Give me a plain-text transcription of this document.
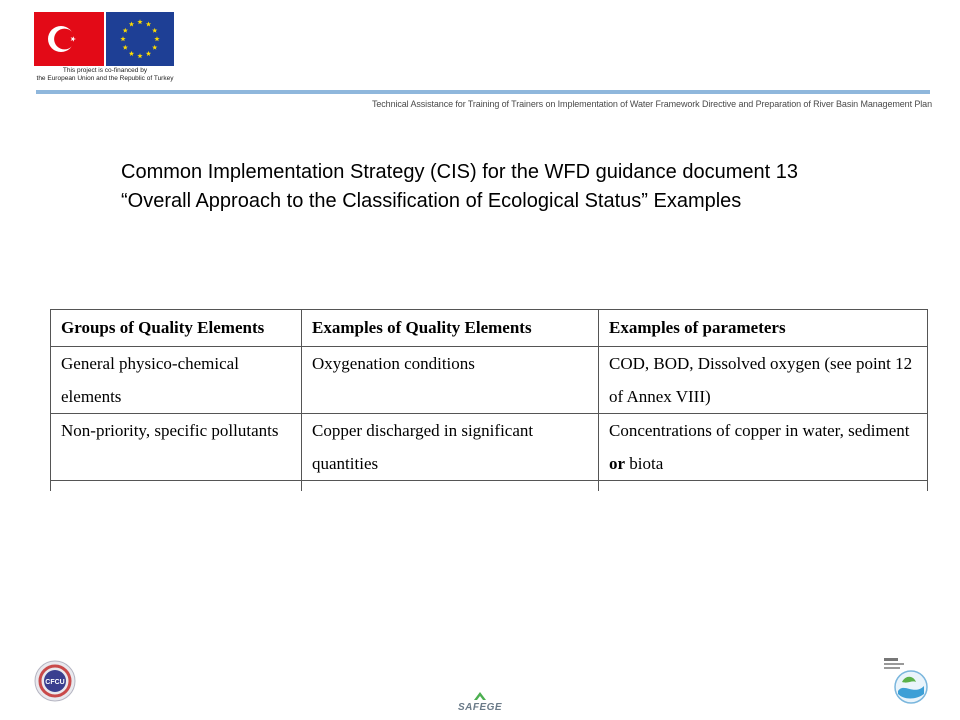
This project is co-financed by
the European Union and the Republic of Turkey
Technical Assistance for Training of Trainers on Implementation of Water Framework Directive and Preparation of River Basin Management Plan
Common Implementation Strategy (CIS) for the WFD guidance document 13 “Overall Approach to the Classification of Ecological Status” Examples
Groups of Quality Elements	Examples of Quality Elements	Examples of parameters
General physico-chemical elements	Oxygenation conditions	COD, BOD, Dissolved oxygen (see point 12 of Annex VIII)
Non-priority, specific pollutants	Copper discharged in significant quantities	Concentrations of copper in water, sediment or biota

CFCU
SAFEGE
